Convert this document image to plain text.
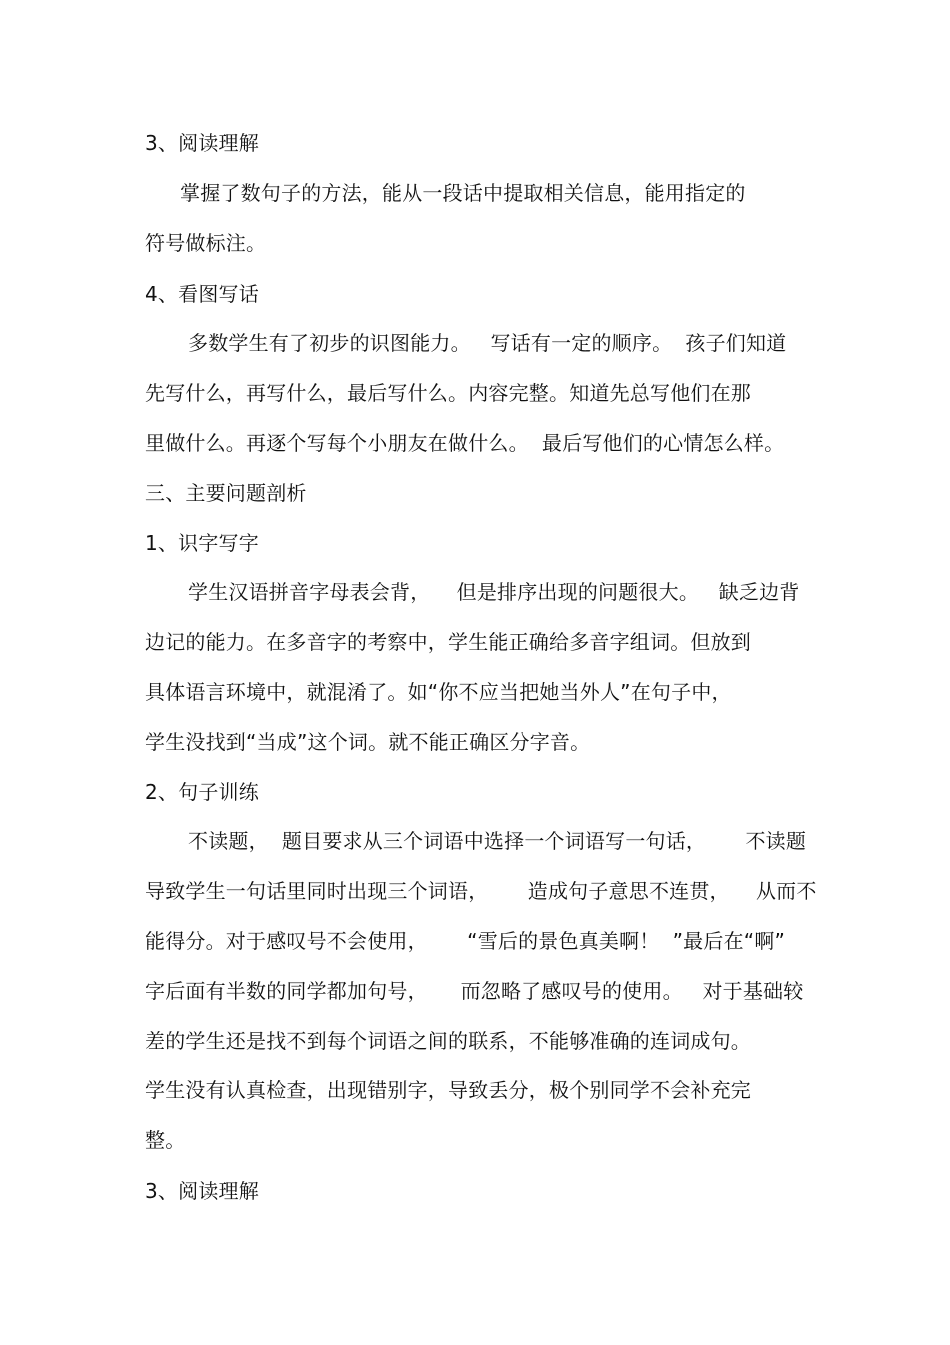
3、阅读理解
掌握了数句子的方法，能从一段话中提取相关信息，能用指定的
符号做标注。
4、看图写话
多数学生有了初步的识图能力。   写话有一定的顺序。  孩子们知道
先写什么，再写什么，最后写什么。内容完整。知道先总写他们在那
里做什么。再逐个写每个小朋友在做什么。  最后写他们的心情怎么样。
三、主要问题剖析
1、识字写字
学生汉语拼音字母表会背，    但是排序出现的问题很大。   缺乏边背
边记的能力。在多音字的考察中，学生能正确给多音字组词。但放到
具体语言环境中，就混淆了。如“你不应当把她当外人”在句子中，
学生没找到“当成”这个词。就不能正确区分字音。
2、句子训练
不读题，  题目要求从三个词语中选择一个词语写一句话，      不读题
导致学生一句话里同时出现三个词语，      造成句子意思不连贯，    从而不
能得分。对于感叹号不会使用，      “雪后的景色真美啊！  ”最后在“啊”
字后面有半数的同学都加句号，     而忽略了感叹号的使用。   对于基础较
差的学生还是找不到每个词语之间的联系，不能够准确的连词成句。
学生没有认真检查，出现错别字，导致丢分，极个别同学不会补充完
整。
3、阅读理解
